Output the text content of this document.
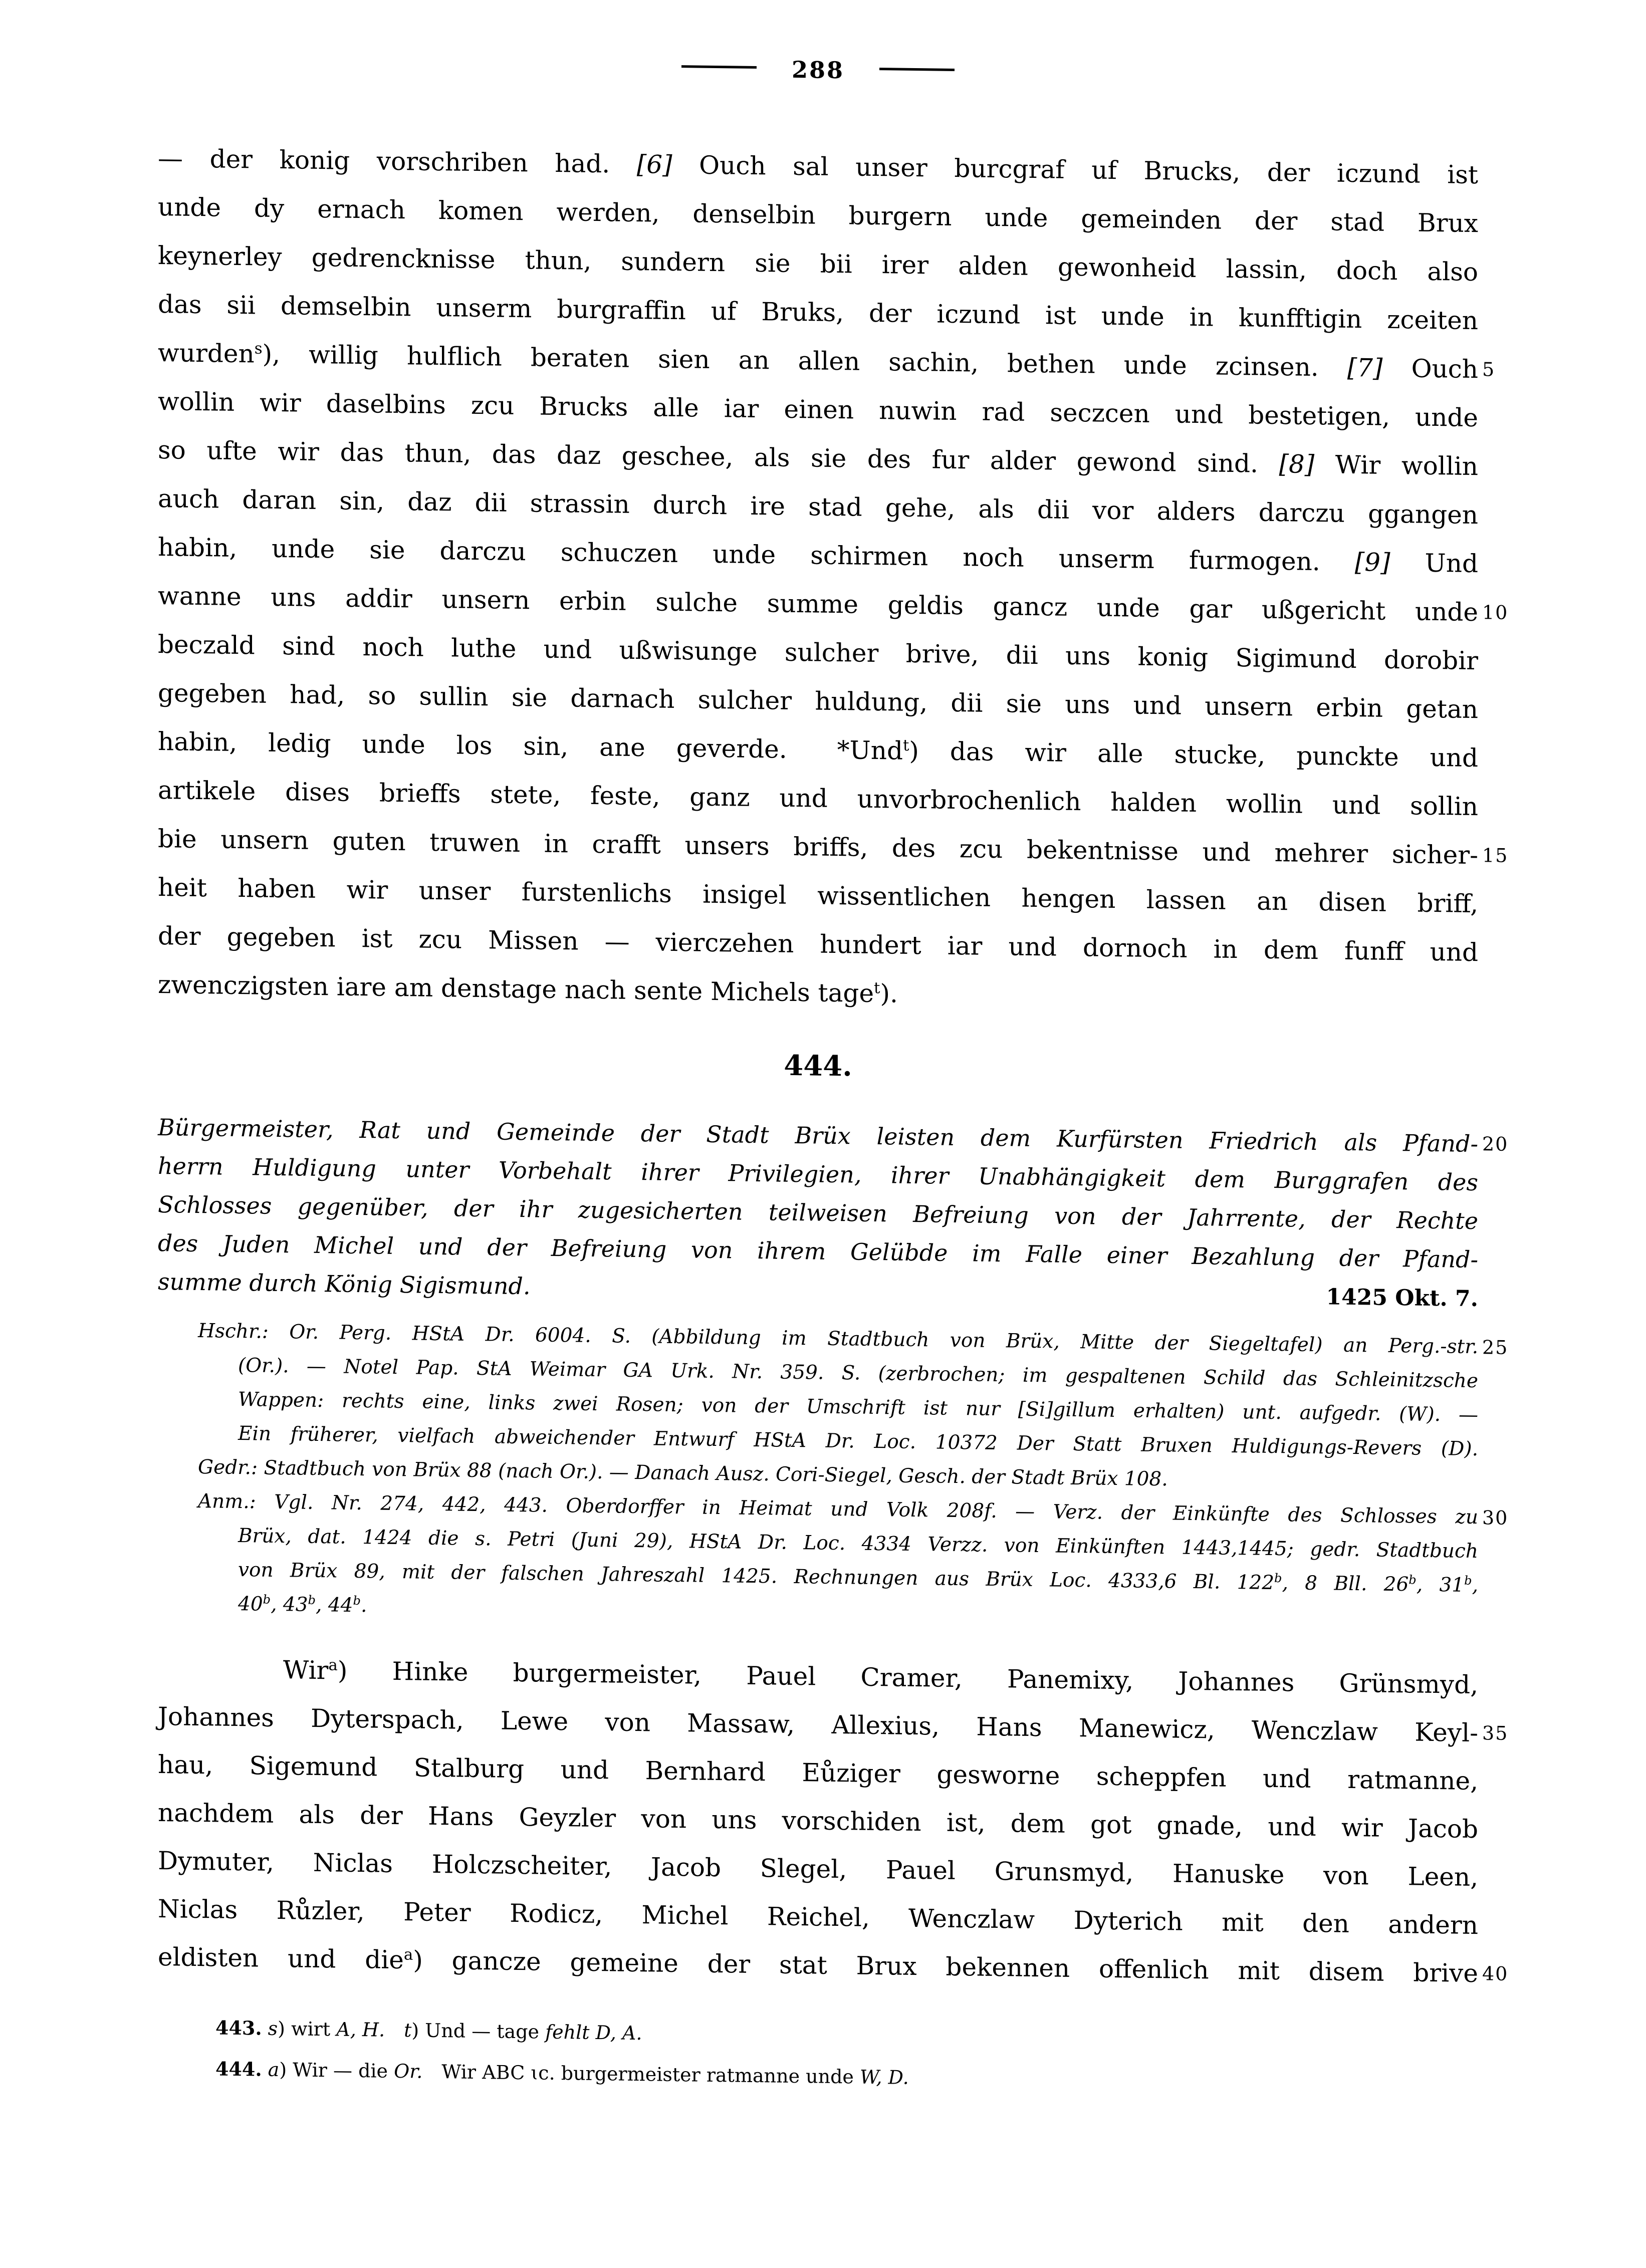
288
— der konig vorschriben had. [6] Ouch sal unser burcgraf uf Brucks, der iczund ist
unde dy ernach komen werden, denselbin burgern unde gemeinden der stad Brux
keynerley gedrencknisse thun, sundern sie bii irer alden gewonheid lassin, doch also
das sii demselbin unserm burgraffin uf Bruks, der iczund ist unde in kunfftigin zceiten
wurden$^s$), willig hulflich beraten sien an allen sachin, bethen unde zcinsen. [7] Ouch 5
wollin wir daselbins zcu Brucks alle iar einen nuwin rad seczcen und bestetigen, unde
so ufte wir das thun, das daz geschee, als sie des fur alder gewond sind. [8] Wir wollin
auch daran sin, daz dii strassin durch ire stad gehe, als dii vor alders darczu ggangen
habin, unde sie darczu schuczen unde schirmen noch unserm furmogen. [9] Und
wanne uns addir unsern erbin sulche summe geldis gancz unde gar ußgericht unde 10
beczald sind noch luthe und ußwisunge sulcher brive, dii uns konig Sigimund dorobir
gegeben had, so sullin sie darnach sulcher huldung, dii sie uns und unsern erbin getan
habin, ledig unde los sin, ane geverde.  *Und$^t$) das wir alle stucke, punckte und
artikele dises brieffs stete, feste, ganz und unvorbrochenlich halden wollin und sollin
bie unsern guten truwen in crafft unsers briffs, des zcu bekentnisse und mehrer sicher- 15
heit haben wir unser furstenlichs insigel wissentlichen hengen lassen an disen briff,
der gegeben ist zcu Missen — vierczehen hundert iar und dornoch in dem funff und
zwenczigsten iare am denstage nach sente Michels tage$^t$).
444.
Bürgermeister, Rat und Gemeinde der Stadt Brüx leisten dem Kurfürsten Friedrich als Pfand- 20
herrn Huldigung unter Vorbehalt ihrer Privilegien, ihrer Unabhängigkeit dem Burggrafen des
Schlosses gegenüber, der ihr zugesicherten teilweisen Befreiung von der Jahrrente, der Rechte
des Juden Michel und der Befreiung von ihrem Gelübde im Falle einer Bezahlung der Pfand-
summe durch König Sigismund.	1425 Okt. 7.
Hschr.: Or. Perg. HStA Dr. 6004. S. (Abbildung im Stadtbuch von Brüx, Mitte der Siegeltafel) an Perg.-str. 25
(Or.). — Notel Pap. StA Weimar GA Urk. Nr. 359. S. (zerbrochen; im gespaltenen Schild das Schleinitzsche
Wappen: rechts eine, links zwei Rosen; von der Umschrift ist nur [Si]gillum erhalten) unt. aufgedr. (W). —
Ein früherer, vielfach abweichender Entwurf HStA Dr. Loc. 10372 Der Statt Bruxen Huldigungs-Revers (D).
Gedr.: Stadtbuch von Brüx 88 (nach Or.). — Danach Ausz. Cori-Siegel, Gesch. der Stadt Brüx 108.
Anm.: Vgl. Nr. 274, 442, 443. Oberdorffer in Heimat und Volk 208f. — Verz. der Einkünfte des Schlosses zu 30
Brüx, dat. 1424 die s. Petri (Juni 29), HStA Dr. Loc. 4334 Verzz. von Einkünften 1443,1445; gedr. Stadtbuch
von Brüx 89, mit der falschen Jahreszahl 1425. Rechnungen aus Brüx Loc. 4333,6 Bl. 122$^b$, 8 Bll. 26$^b$, 31$^b$,
40$^b$, 43$^b$, 44$^b$.
Wir$^a$) Hinke burgermeister, Pauel Cramer, Panemixy, Johannes Grünsmyd,
Johannes Dyterspach, Lewe von Massaw, Allexius, Hans Manewicz, Wenczlaw Keyl- 35
hau, Sigemund Stalburg und Bernhard Eůziger gesworne scheppfen und ratmanne,
nachdem als der Hans Geyzler von uns vorschiden ist, dem got gnade, und wir Jacob
Dymuter, Niclas Holczscheiter, Jacob Slegel, Pauel Grunsmyd, Hanuske von Leen,
Niclas Růzler, Peter Rodicz, Michel Reichel, Wenczlaw Dyterich mit den andern
eldisten und die$^a$) gancze gemeine der stat Brux bekennen offenlich mit disem brive 40
443. s) wirt A, H.  t) Und — tage fehlt D, A.
444. a) Wir — die Or. Wir ABC ɩc. burgermeister ratmanne unde W, D.
